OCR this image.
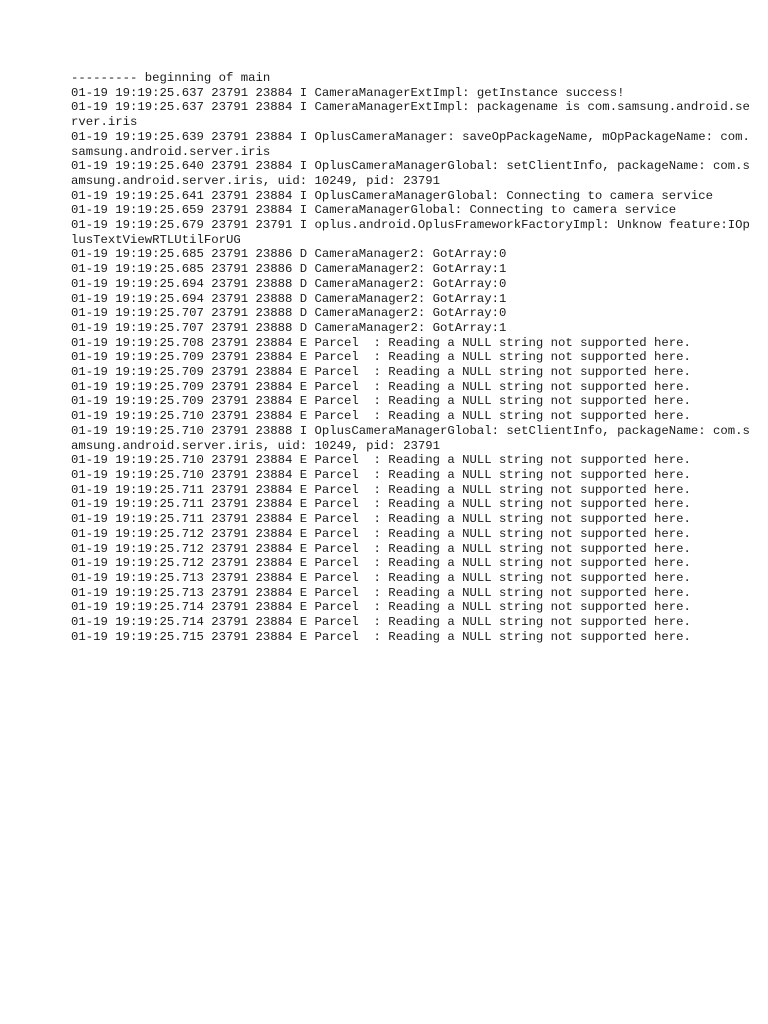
--------- beginning of main

01-19 19:19:25.637 23791 23884 I CameraManagerExtImpl: getInstance success!

01-19 19:19:25.637 23791 23884 I CameraManagerExtImpl: packagename is com.samsung.android.server.iris

01-19 19:19:25.639 23791 23884 I OplusCameraManager: saveOpPackageName, mOpPackageName: com.samsung.android.server.iris

01-19 19:19:25.640 23791 23884 I OplusCameraManagerGlobal: setClientInfo, packageName: com.samsung.android.server.iris, uid: 10249, pid: 23791

01-19 19:19:25.641 23791 23884 I OplusCameraManagerGlobal: Connecting to camera service

01-19 19:19:25.659 23791 23884 I CameraManagerGlobal: Connecting to camera service

01-19 19:19:25.679 23791 23791 I oplus.android.OplusFrameworkFactoryImpl: Unknow feature:IOplusTextViewRTLUtilForUG

01-19 19:19:25.685 23791 23886 D CameraManager2: GotArray:0

01-19 19:19:25.685 23791 23886 D CameraManager2: GotArray:1

01-19 19:19:25.694 23791 23888 D CameraManager2: GotArray:0

01-19 19:19:25.694 23791 23888 D CameraManager2: GotArray:1

01-19 19:19:25.707 23791 23888 D CameraManager2: GotArray:0

01-19 19:19:25.707 23791 23888 D CameraManager2: GotArray:1

01-19 19:19:25.708 23791 23884 E Parcel  : Reading a NULL string not supported here.

01-19 19:19:25.709 23791 23884 E Parcel  : Reading a NULL string not supported here.

01-19 19:19:25.709 23791 23884 E Parcel  : Reading a NULL string not supported here.

01-19 19:19:25.709 23791 23884 E Parcel  : Reading a NULL string not supported here.

01-19 19:19:25.709 23791 23884 E Parcel  : Reading a NULL string not supported here.

01-19 19:19:25.710 23791 23884 E Parcel  : Reading a NULL string not supported here.

01-19 19:19:25.710 23791 23888 I OplusCameraManagerGlobal: setClientInfo, packageName: com.samsung.android.server.iris, uid: 10249, pid: 23791

01-19 19:19:25.710 23791 23884 E Parcel  : Reading a NULL string not supported here.

01-19 19:19:25.710 23791 23884 E Parcel  : Reading a NULL string not supported here.

01-19 19:19:25.711 23791 23884 E Parcel  : Reading a NULL string not supported here.

01-19 19:19:25.711 23791 23884 E Parcel  : Reading a NULL string not supported here.

01-19 19:19:25.711 23791 23884 E Parcel  : Reading a NULL string not supported here.

01-19 19:19:25.712 23791 23884 E Parcel  : Reading a NULL string not supported here.

01-19 19:19:25.712 23791 23884 E Parcel  : Reading a NULL string not supported here.

01-19 19:19:25.712 23791 23884 E Parcel  : Reading a NULL string not supported here.

01-19 19:19:25.713 23791 23884 E Parcel  : Reading a NULL string not supported here.

01-19 19:19:25.713 23791 23884 E Parcel  : Reading a NULL string not supported here.

01-19 19:19:25.714 23791 23884 E Parcel  : Reading a NULL string not supported here.

01-19 19:19:25.714 23791 23884 E Parcel  : Reading a NULL string not supported here.

01-19 19:19:25.715 23791 23884 E Parcel  : Reading a NULL string not supported here.
